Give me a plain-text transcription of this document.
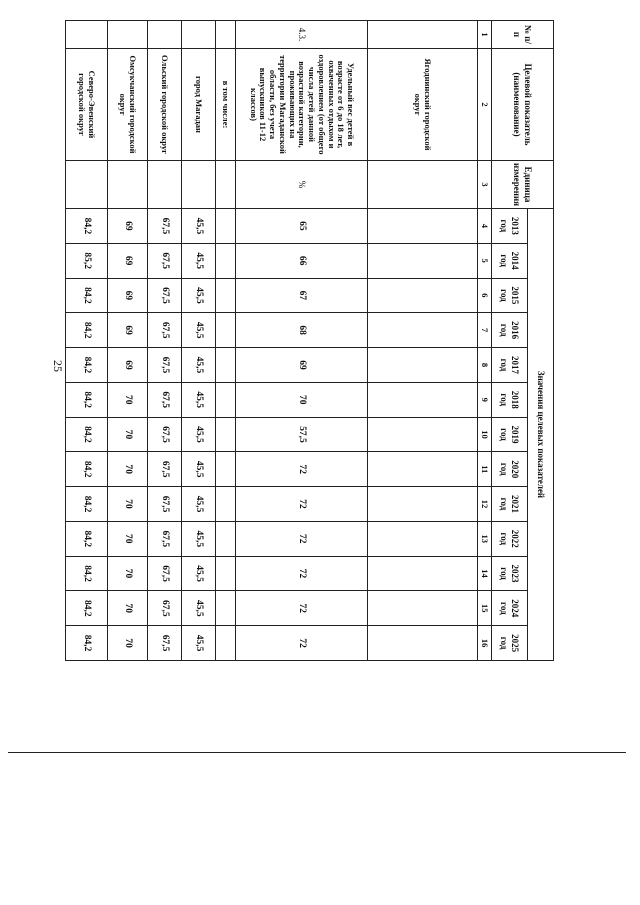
25
№ п/п	Целевой показатель (наименование)	Единица измерения	Значения целевых показателей												
			2013 год	2014 год	2015 год	2016 год	2017 год	2018 год	2019 год	2020 год	2021 год	2022 год	2023 год	2024 год	2025 год
1	2	3	4	5	6	7	8	9	10	11	12	13	14	15	16
	Ягоднинский городской округ														
4.3.	Удельный вес детей в возрасте от 6 до 18 лет, охваченных отдыхом и оздоровлением (от общего числа детей данной возрастной категории, проживающих на территории Магаданской области, без учета выпускников 11-12 классов)	%	65	66	67	68	69	70	57,5	72	72	72	72	72	72
	в том числе:														
	город Магадан		45,5	45,5	45,5	45,5	45,5	45,5	45,5	45,5	45,5	45,5	45,5	45,5	45,5
	Ольский городской округ		67,5	67,5	67,5	67,5	67,5	67,5	67,5	67,5	67,5	67,5	67,5	67,5	67,5
	Омсукчанский городской округ		69	69	69	69	69	70	70	70	70	70	70	70	70
	Северо-Эвенский городской округ		84,2	85,2	84,2	84,2	84,2	84,2	84,2	84,2	84,2	84,2	84,2	84,2	84,2
